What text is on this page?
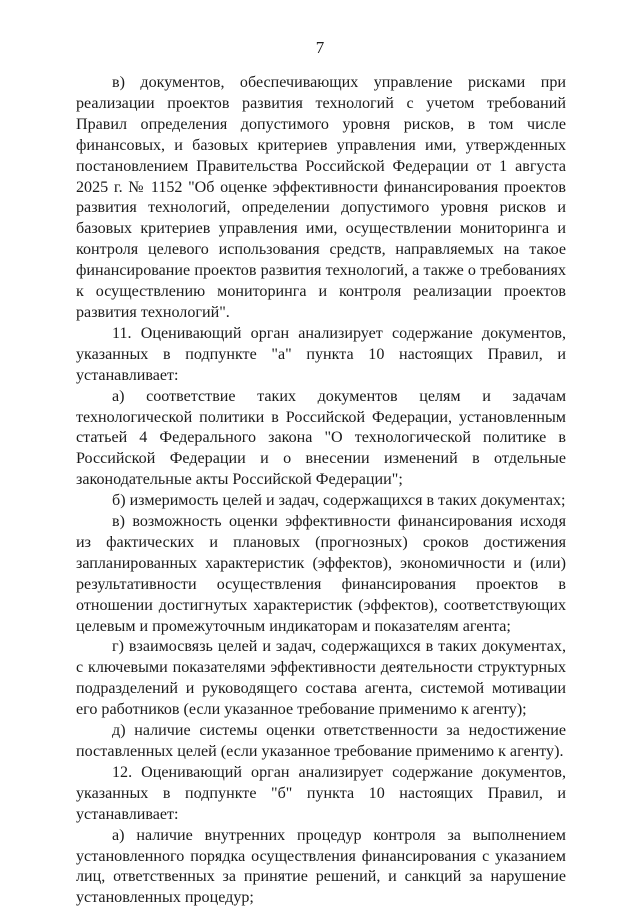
7

в) документов, обеспечивающих управление рисками при реализации проектов развития технологий с учетом требований Правил определения допустимого уровня рисков, в том числе финансовых, и базовых критериев управления ими, утвержденных постановлением Правительства Российской Федерации от 1 августа 2025 г. № 1152 "Об оценке эффективности финансирования проектов развития технологий, определении допустимого уровня рисков и базовых критериев управления ими, осуществлении мониторинга и контроля целевого использования средств, направляемых на такое финансирование проектов развития технологий, а также о требованиях к осуществлению мониторинга и контроля реализации проектов развития технологий".

11. Оценивающий орган анализирует содержание документов, указанных в подпункте "а" пункта 10 настоящих Правил, и устанавливает:

а) соответствие таких документов целям и задачам технологической политики в Российской Федерации, установленным статьей 4 Федерального закона "О технологической политике в Российской Федерации и о внесении изменений в отдельные законодательные акты Российской Федерации";

б) измеримость целей и задач, содержащихся в таких документах;

в) возможность оценки эффективности финансирования исходя из фактических и плановых (прогнозных) сроков достижения запланированных характеристик (эффектов), экономичности и (или) результативности осуществления финансирования проектов в отношении достигнутых характеристик (эффектов), соответствующих целевым и промежуточным индикаторам и показателям агента;

г) взаимосвязь целей и задач, содержащихся в таких документах, с ключевыми показателями эффективности деятельности структурных подразделений и руководящего состава агента, системой мотивации его работников (если указанное требование применимо к агенту);

д) наличие системы оценки ответственности за недостижение поставленных целей (если указанное требование применимо к агенту).

12. Оценивающий орган анализирует содержание документов, указанных в подпункте "б" пункта 10 настоящих Правил, и устанавливает:

а) наличие внутренних процедур контроля за выполнением установленного порядка осуществления финансирования с указанием лиц, ответственных за принятие решений, и санкций за нарушение установленных процедур;
